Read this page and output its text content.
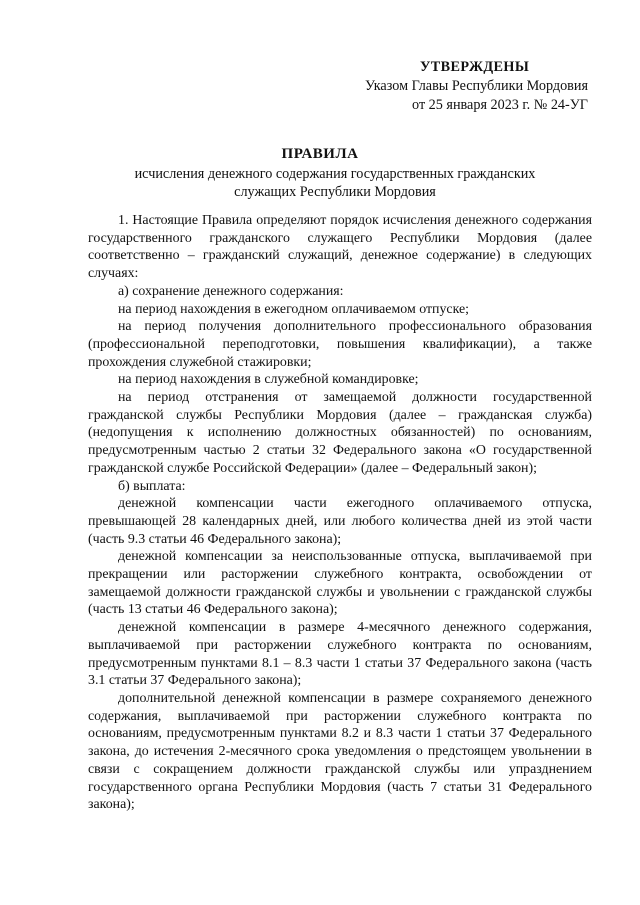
УТВЕРЖДЕНЫ
Указом Главы Республики Мордовия
от 25 января 2023 г. № 24-УГ
ПРАВИЛА
исчисления денежного содержания государственных гражданских служащих Республики Мордовия

1. Настоящие Правила определяют порядок исчисления денежного содержания государственного гражданского служащего Республики Мордовия (далее соответственно – гражданский служащий, денежное содержание) в следующих случаях:

а) сохранение денежного содержания:

на период нахождения в ежегодном оплачиваемом отпуске;

на период получения дополнительного профессионального образования (профессиональной переподготовки, повышения квалификации), а также прохождения служебной стажировки;

на период нахождения в служебной командировке;

на период отстранения от замещаемой должности государственной гражданской службы Республики Мордовия (далее – гражданская служба) (недопущения к исполнению должностных обязанностей) по основаниям, предусмотренным частью 2 статьи 32 Федерального закона «О государственной гражданской службе Российской Федерации» (далее – Федеральный закон);

б) выплата:

денежной компенсации части ежегодного оплачиваемого отпуска, превышающей 28 календарных дней, или любого количества дней из этой части (часть 9.3 статьи 46 Федерального закона);

денежной компенсации за неиспользованные отпуска, выплачиваемой при прекращении или расторжении служебного контракта, освобождении от замещаемой должности гражданской службы и увольнении с гражданской службы (часть 13 статьи 46 Федерального закона);

денежной компенсации в размере 4-месячного денежного содержания, выплачиваемой при расторжении служебного контракта по основаниям, предусмотренным пунктами 8.1 – 8.3 части 1 статьи 37 Федерального закона (часть 3.1 статьи 37 Федерального закона);

дополнительной денежной компенсации в размере сохраняемого денежного содержания, выплачиваемой при расторжении служебного контракта по основаниям, предусмотренным пунктами 8.2 и 8.3 части 1 статьи 37 Федерального закона, до истечения 2-месячного срока уведомления о предстоящем увольнении в связи с сокращением должности гражданской службы или упразднением государственного органа Республики Мордовия (часть 7 статьи 31 Федерального закона);
